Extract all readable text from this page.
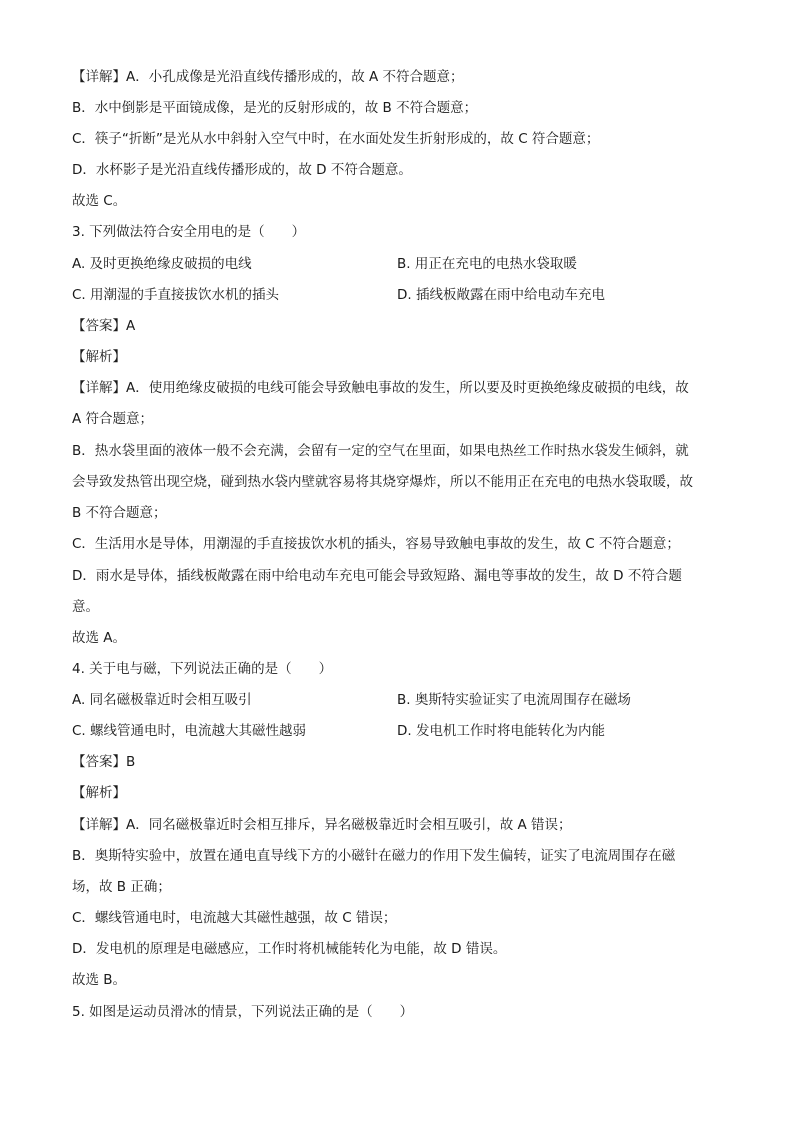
【详解】A．小孔成像是光沿直线传播形成的，故 A 不符合题意；
B．水中倒影是平面镜成像，是光的反射形成的，故 B 不符合题意；
C．筷子“折断”是光从水中斜射入空气中时，在水面处发生折射形成的，故 C 符合题意；
D．水杯影子是光沿直线传播形成的，故 D 不符合题意。
故选 C。
3. 下列做法符合安全用电的是（　　）
A. 及时更换绝缘皮破损的电线	B. 用正在充电的电热水袋取暖
C. 用潮湿的手直接拔饮水机的插头	D. 插线板敞露在雨中给电动车充电
【答案】A
【解析】
【详解】A．使用绝缘皮破损的电线可能会导致触电事故的发生，所以要及时更换绝缘皮破损的电线，故
A 符合题意；
B．热水袋里面的液体一般不会充满，会留有一定的空气在里面，如果电热丝工作时热水袋发生倾斜，就
会导致发热管出现空烧，碰到热水袋内壁就容易将其烧穿爆炸，所以不能用正在充电的电热水袋取暖，故
B 不符合题意；
C．生活用水是导体，用潮湿的手直接拔饮水机的插头，容易导致触电事故的发生，故 C 不符合题意；
D．雨水是导体，插线板敞露在雨中给电动车充电可能会导致短路、漏电等事故的发生，故 D 不符合题
意。
故选 A。
4. 关于电与磁，下列说法正确的是（　　）
A. 同名磁极靠近时会相互吸引	B. 奥斯特实验证实了电流周围存在磁场
C. 螺线管通电时，电流越大其磁性越弱	D. 发电机工作时将电能转化为内能
【答案】B
【解析】
【详解】A．同名磁极靠近时会相互排斥，异名磁极靠近时会相互吸引，故 A 错误；
B．奥斯特实验中，放置在通电直导线下方的小磁针在磁力的作用下发生偏转，证实了电流周围存在磁
场，故 B 正确；
C．螺线管通电时，电流越大其磁性越强，故 C 错误；
D．发电机的原理是电磁感应，工作时将机械能转化为电能，故 D 错误。
故选 B。
5. 如图是运动员滑冰的情景，下列说法正确的是（　　）
